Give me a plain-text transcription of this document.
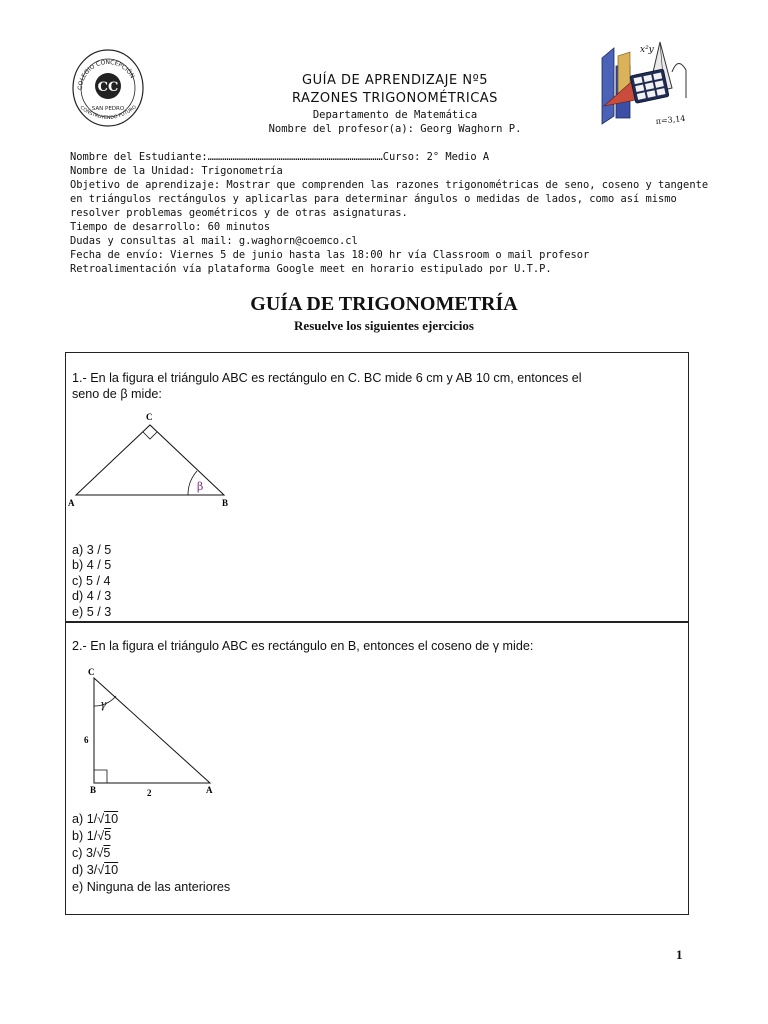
COLEGIO CONCEPCIÓN
CC
SAN PEDRO
CONSTRUYENDO FUTURO
GUÍA DE APRENDIZAJE Nº5
RAZONES TRIGONOMÉTRICAS
Departamento de Matemática
Nombre del profesor(a): Georg Waghorn P.
x²y
π=3,14
Nombre del Estudiante:…………………………………………………………………………Curso: 2° Medio A
Nombre de la Unidad: Trigonometría
Objetivo de aprendizaje: Mostrar que comprenden las razones trigonométricas de seno, coseno y tangente
en triángulos rectángulos y aplicarlas para determinar ángulos o medidas de lados, como así mismo
resolver problemas geométricos y de otras asignaturas.
Tiempo de desarrollo: 60 minutos
Dudas y consultas al mail: g.waghorn@coemco.cl
Fecha de envío: Viernes 5 de junio hasta las 18:00 hr vía Classroom o mail profesor
Retroalimentación vía plataforma Google meet en horario estipulado por U.T.P.
GUÍA DE TRIGONOMETRÍA
Resuelve los siguientes ejercicios
1.- En la figura el triángulo ABC es rectángulo en C. BC mide 6 cm y AB 10 cm, entonces el
seno de β mide:
A	B
C
β
a) 3 / 5
b) 4 / 5
c) 5 / 4
d) 4 / 3
e) 5 / 3
2.- En la figura el triángulo ABC es rectángulo en B, entonces el coseno de γ mide:
C
B	A
γ
6
2
a) 1/√10
b) 1/√5
c) 3/√5
d) 3/√10
e) Ninguna de las anteriores
1
